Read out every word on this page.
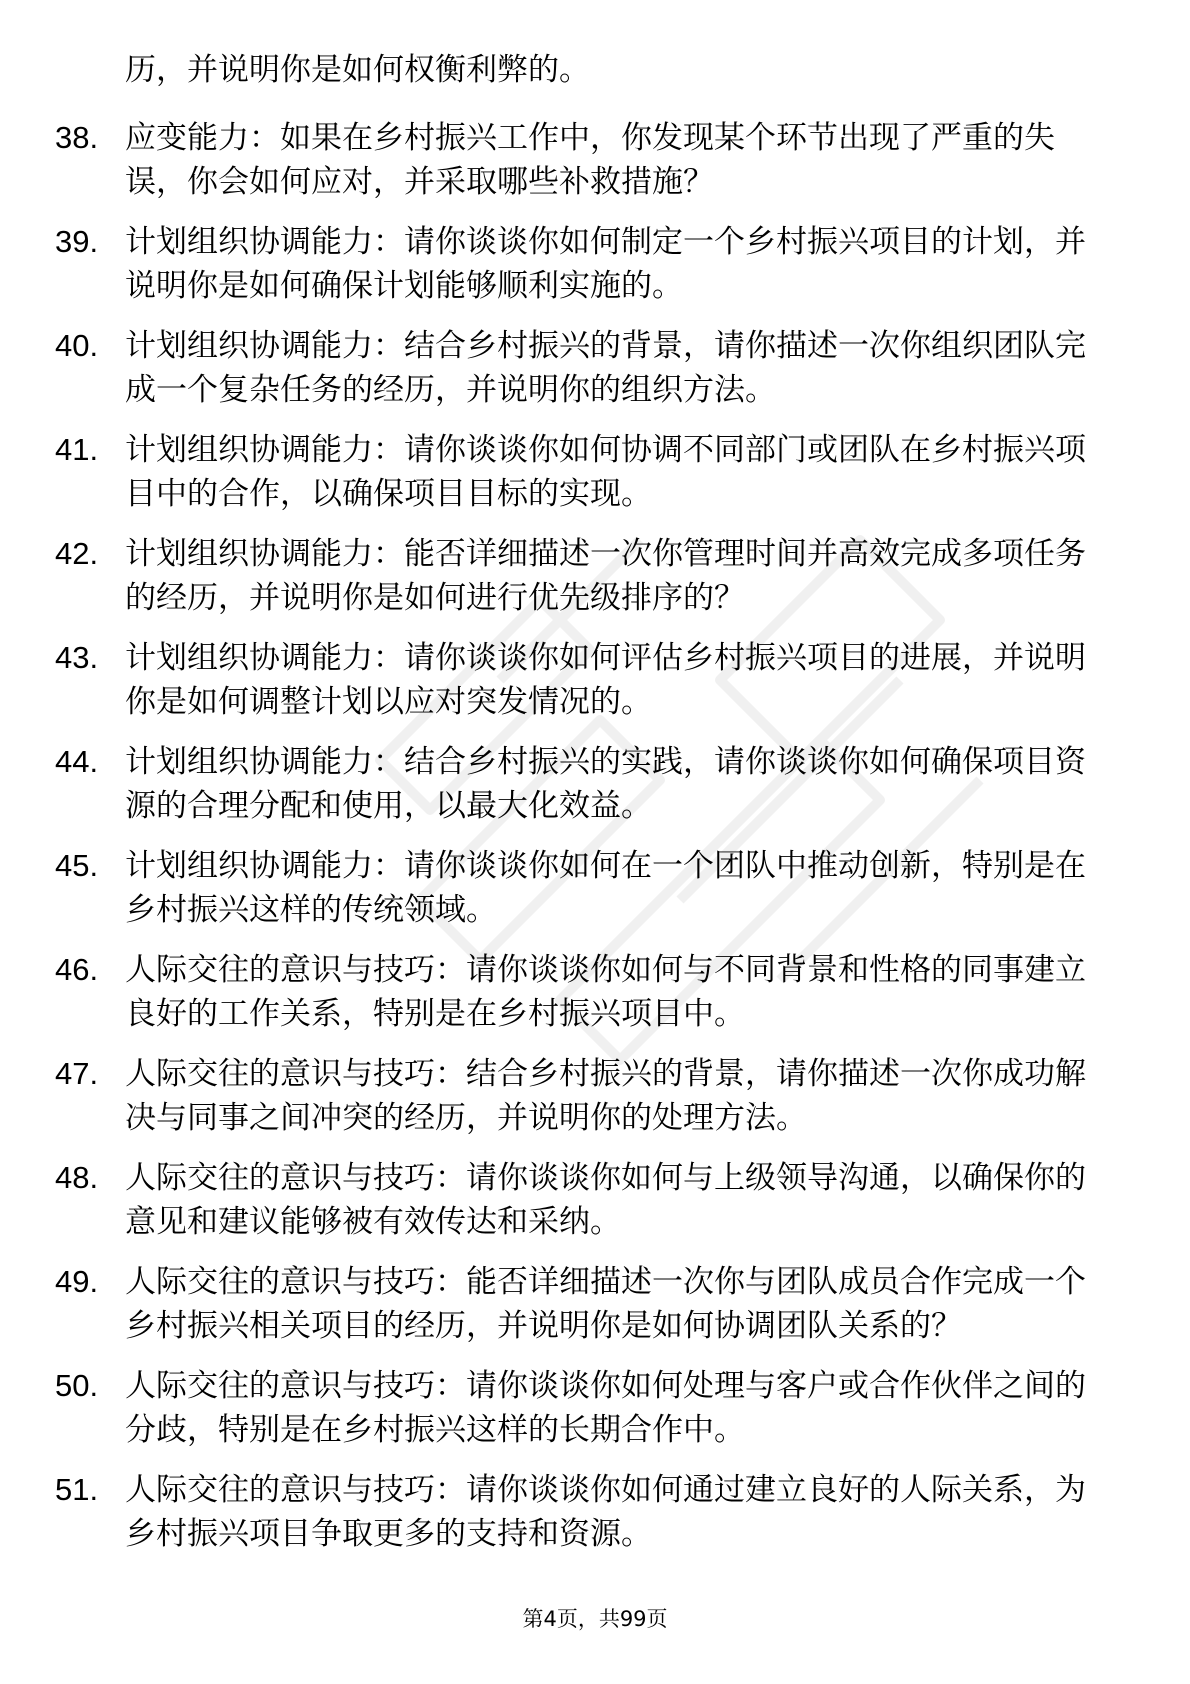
历，并说明你是如何权衡利弊的。
38. 应变能力：如果在乡村振兴工作中，你发现某个环节出现了严重的失误，你会如何应对，并采取哪些补救措施？
39. 计划组织协调能力：请你谈谈你如何制定一个乡村振兴项目的计划，并说明你是如何确保计划能够顺利实施的。
40. 计划组织协调能力：结合乡村振兴的背景，请你描述一次你组织团队完成一个复杂任务的经历，并说明你的组织方法。
41. 计划组织协调能力：请你谈谈你如何协调不同部门或团队在乡村振兴项目中的合作，以确保项目目标的实现。
42. 计划组织协调能力：能否详细描述一次你管理时间并高效完成多项任务的经历，并说明你是如何进行优先级排序的？
43. 计划组织协调能力：请你谈谈你如何评估乡村振兴项目的进展，并说明你是如何调整计划以应对突发情况的。
44. 计划组织协调能力：结合乡村振兴的实践，请你谈谈你如何确保项目资源的合理分配和使用，以最大化效益。
45. 计划组织协调能力：请你谈谈你如何在一个团队中推动创新，特别是在乡村振兴这样的传统领域。
46. 人际交往的意识与技巧：请你谈谈你如何与不同背景和性格的同事建立良好的工作关系，特别是在乡村振兴项目中。
47. 人际交往的意识与技巧：结合乡村振兴的背景，请你描述一次你成功解决与同事之间冲突的经历，并说明你的处理方法。
48. 人际交往的意识与技巧：请你谈谈你如何与上级领导沟通，以确保你的意见和建议能够被有效传达和采纳。
49. 人际交往的意识与技巧：能否详细描述一次你与团队成员合作完成一个乡村振兴相关项目的经历，并说明你是如何协调团队关系的？
50. 人际交往的意识与技巧：请你谈谈你如何处理与客户或合作伙伴之间的分歧，特别是在乡村振兴这样的长期合作中。
51. 人际交往的意识与技巧：请你谈谈你如何通过建立良好的人际关系，为乡村振兴项目争取更多的支持和资源。
第4页，共99页
